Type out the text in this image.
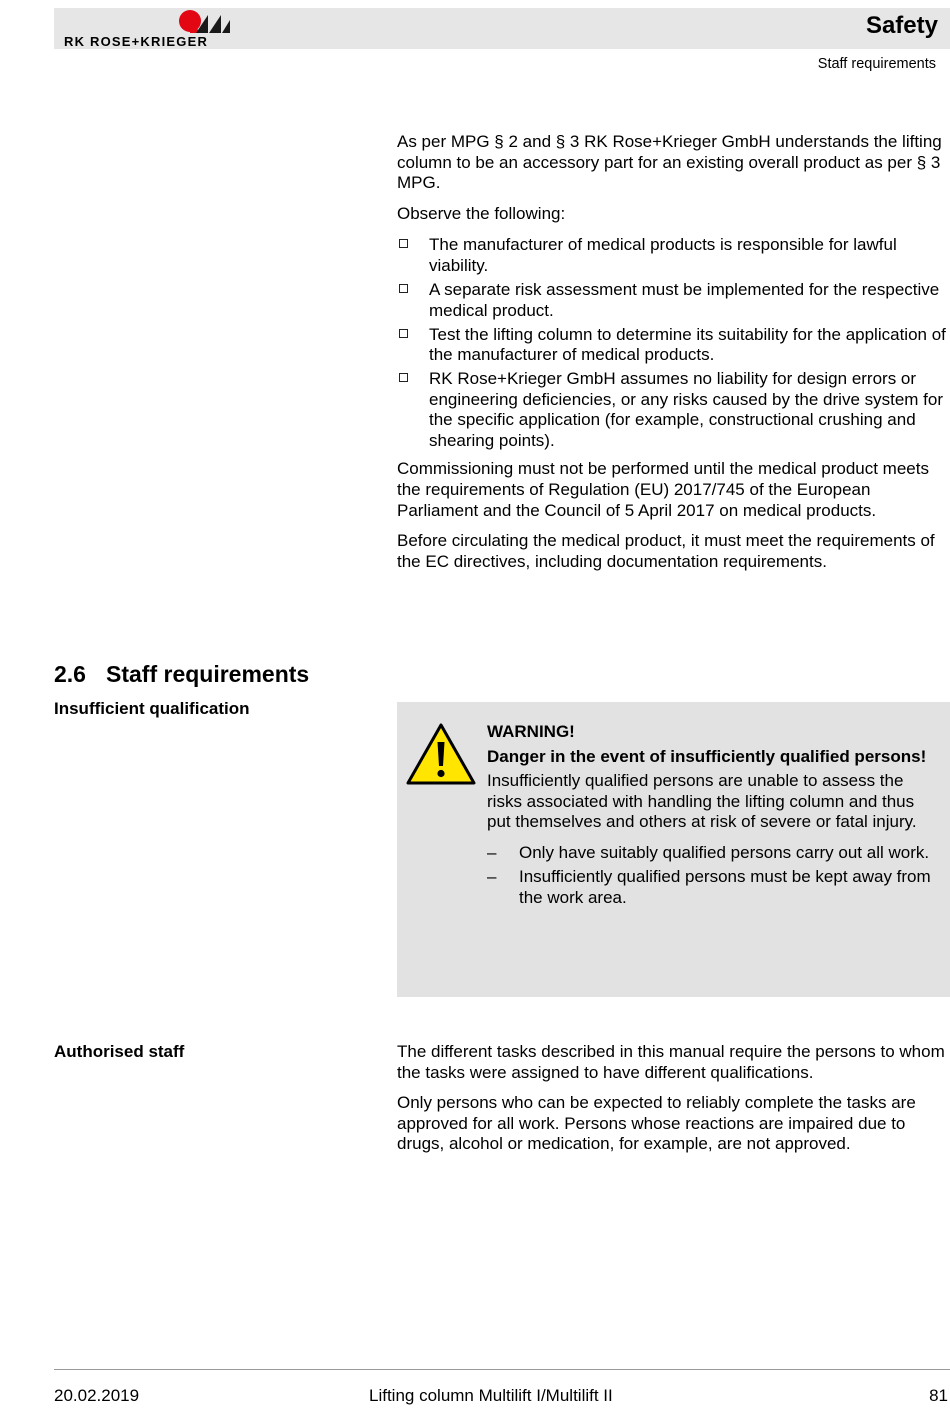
RK ROSE+KRIEGER
Safety
Staff requirements

As per MPG § 2 and § 3 RK Rose+Krieger GmbH understands the lifting column to be an accessory part for an existing overall product as per § 3 MPG.

Observe the following:

The manufacturer of medical products is responsible for lawful viability.
A separate risk assessment must be implemented for the respective medical product.
Test the lifting column to determine its suitability for the application of the manufacturer of medical products.
RK Rose+Krieger GmbH assumes no liability for design errors or engineering deficiencies, or any risks caused by the drive system for the specific application (for example, constructional crushing and shearing points).

Commissioning must not be performed until the medical product meets the requirements of Regulation (EU) 2017/745 of the European Parliament and the Council of 5 April 2017 on medical products.

Before circulating the medical product, it must meet the requirements of the EC directives, including documentation requirements.

2.6 Staff requirements
Insufficient qualification

WARNING!

Danger in the event of insufficiently qualified persons!

Insufficiently qualified persons are unable to assess the risks associated with handling the lifting column and thus put themselves and others at risk of severe or fatal injury.

– Only have suitably qualified persons carry out all work.
– Insufficiently qualified persons must be kept away from the work area.
Authorised staff	The different tasks described in this manual require the persons to whom the tasks were assigned to have different qualifications.

Only persons who can be expected to reliably complete the tasks are approved for all work. Persons whose reactions are impaired due to drugs, alcohol or medication, for example, are not approved.

20.02.2019	Lifting column Multilift I/Multilift II	81
